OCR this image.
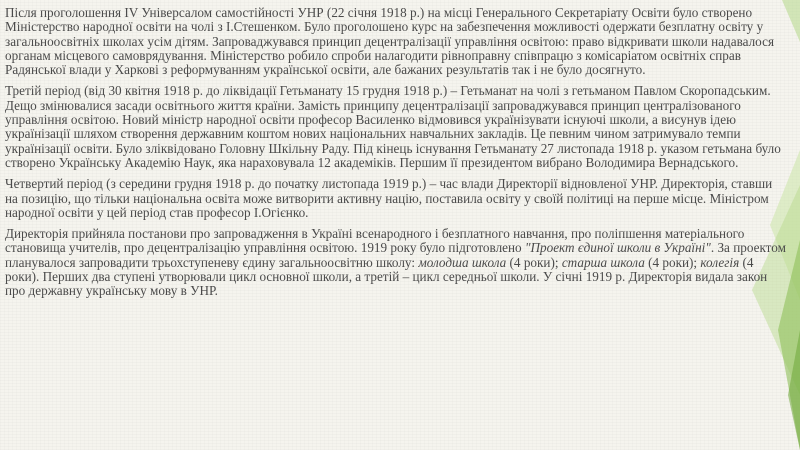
Після проголошення IV Універсалом самостійності УНР (22 січня 1918 р.) на місці Генерального Секретаріату Освіти було створено Міністерство народної освіти на чолі з І.Стешенком. Було проголошено курс на забезпечення можливості одержати безплатну освіту у загальноосвітніх школах усім дітям. Запроваджувався принцип децентралізації управління освітою: право відкривати школи надавалося органам місцевого самоврядування. Міністерство робило спроби налагодити рівноправну співпрацю з комісаріатом освітніх справ Радянської влади у Харкові з реформуванням української освіти, але бажаних результатів так і не було досягнуто.

Третій період (від 30 квітня 1918 р. до ліквідації Гетьманату 15 грудня 1918 р.) – Гетьманат на чолі з гетьманом Павлом Скоропадським. Дещо змінювалися засади освітнього життя країни. Замість принципу децентралізації запроваджувався принцип централізованого управління освітою. Новий міністр народної освіти професор Василенко відмовився українізувати існуючі школи, а висунув ідею українізації шляхом створення державним коштом нових національних навчальних закладів. Це певним чином затримувало темпи українізації освіти. Було зліквідовано Головну Шкільну Раду. Під кінець існування Гетьманату 27 листопада 1918 р. указом гетьмана було створено Українську Академію Наук, яка нараховувала 12 академіків. Першим її президентом вибрано Володимира Вернадського.

Четвертий період (з середини грудня 1918 р. до початку листопада 1919 р.) – час влади Директорії відновленої УНР. Директорія, ставши на позицію, що тільки національна освіта може витворити активну націю, поставила освіту у своїй політиці на перше місце. Міністром народної освіти у цей період став професор І.Огієнко.

Директорія прийняла постанови про запровадження в Україні всенародного і безплатного навчання, про поліпшення матеріального становища учителів, про децентралізацію управління освітою. 1919 року було підготовлено "Проект єдиної школи в Україні". За проектом планувалося запровадити трьохступеневу єдину загальноосвітню школу: молодша школа (4 роки); старша школа (4 роки); колегія (4 роки). Перших два ступені утворювали цикл основної школи, а третій – цикл середньої школи. У січні 1919 р. Директорія видала закон про державну українську мову в УНР.
